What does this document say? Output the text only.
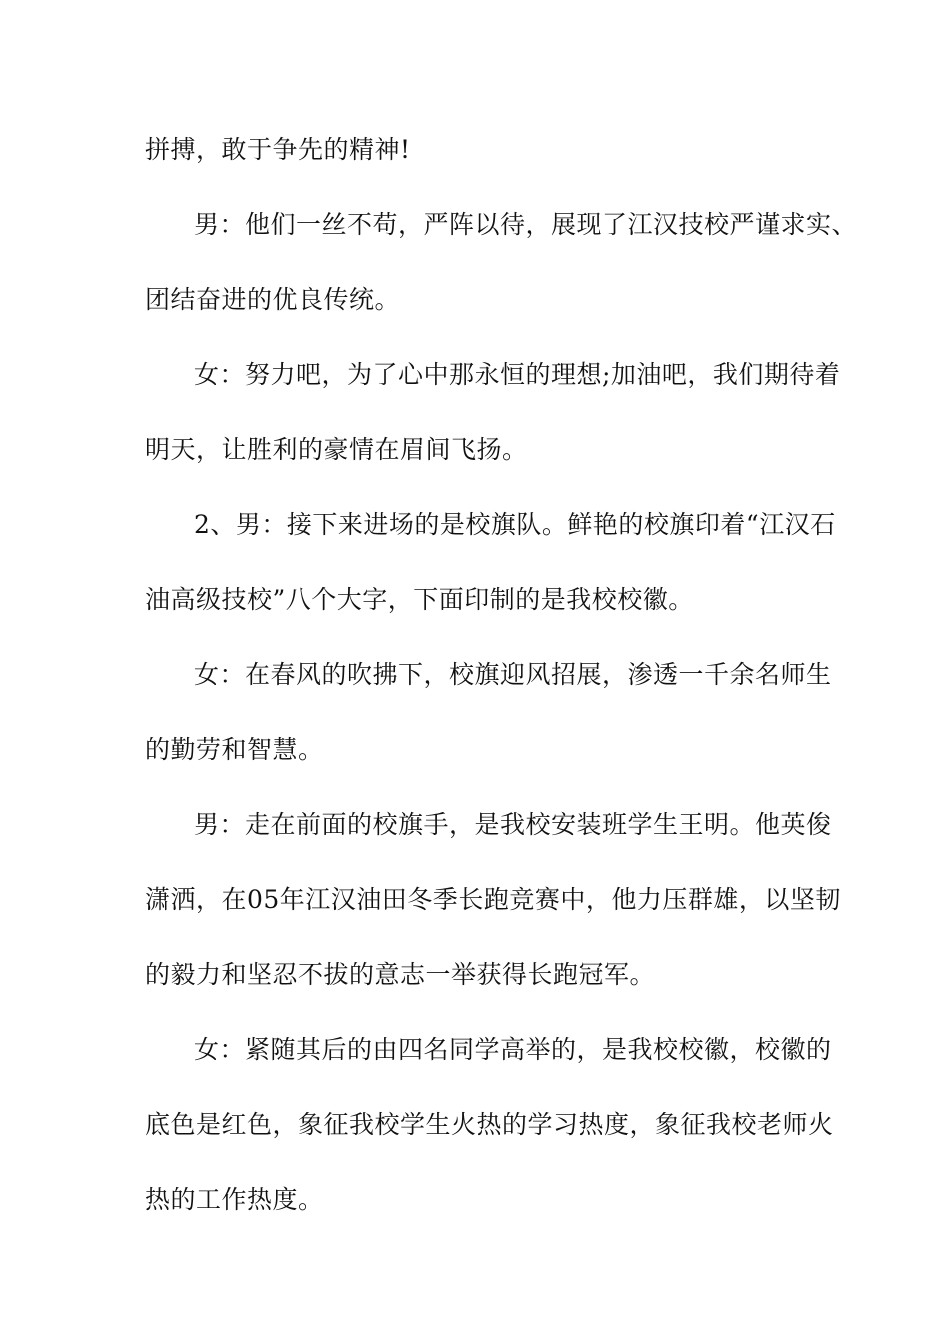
拼搏，敢于争先的精神!
男：他们一丝不苟，严阵以待，展现了江汉技校严谨求实、
团结奋进的优良传统。
女：努力吧，为了心中那永恒的理想;加油吧，我们期待着
明天，让胜利的豪情在眉间飞扬。
2、男：接下来进场的是校旗队。鲜艳的校旗印着“江汉石
油高级技校”八个大字，下面印制的是我校校徽。
女：在春风的吹拂下，校旗迎风招展，渗透一千余名师生
的勤劳和智慧。
男：走在前面的校旗手，是我校安装班学生王明。他英俊
潇洒，在05年江汉油田冬季长跑竞赛中，他力压群雄，以坚韧
的毅力和坚忍不拔的意志一举获得长跑冠军。
女：紧随其后的由四名同学高举的，是我校校徽，校徽的
底色是红色，象征我校学生火热的学习热度，象征我校老师火
热的工作热度。
